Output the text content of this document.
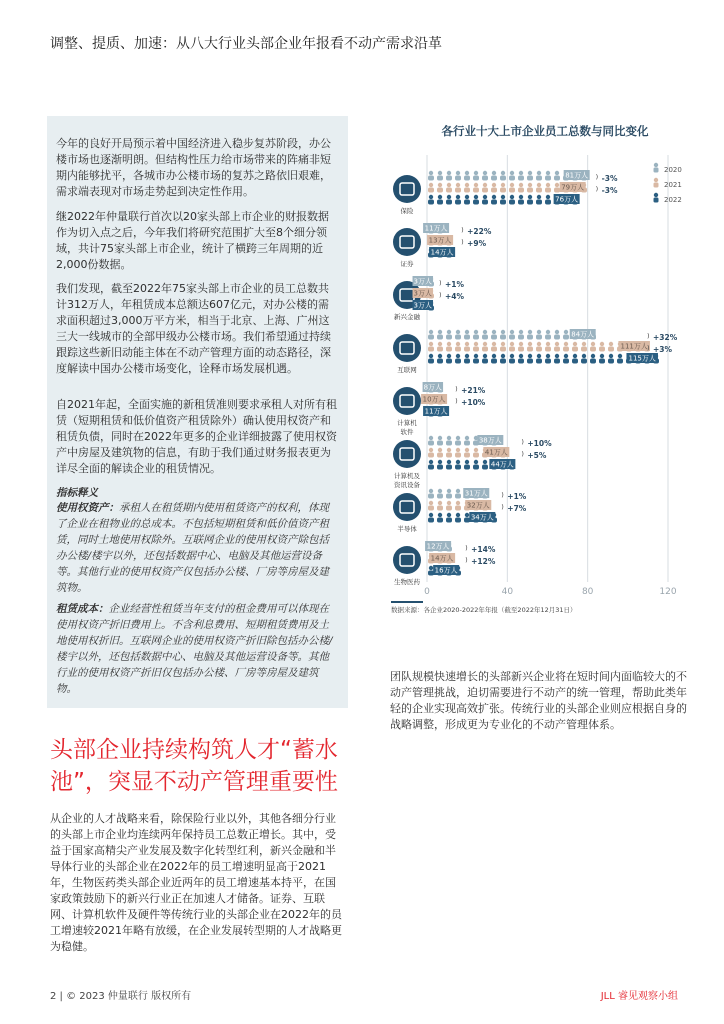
调整、提质、加速：从八大行业头部企业年报看不动产需求沿革

今年的良好开局预示着中国经济进入稳步复苏阶段，办公楼市场也逐渐明朗。但结构性压力给市场带来的阵痛非短期内能够扰平，各城市办公楼市场的复苏之路依旧艰难，需求端表现对市场走势起到决定性作用。

继2022年仲量联行首次以20家头部上市企业的财报数据作为切入点之后，今年我们将研究范围扩大至8个细分领域，共计75家头部上市企业，统计了横跨三年周期的近2,000份数据。

我们发现，截至2022年75家头部上市企业的员工总数共计312万人，年租赁成本总额达607亿元，对办公楼的需求面积超过3,000万平方米，相当于北京、上海、广州这三大一线城市的全部甲级办公楼市场。我们希望通过持续跟踪这些新旧动能主体在不动产管理方面的动态路径，深度解读中国办公楼市场变化，诠释市场发展机遇。

自2021年起，全面实施的新租赁准则要求承租人对所有租赁（短期租赁和低价值资产租赁除外）确认使用权资产和租赁负债，同时在2022年更多的企业详细披露了使用权资产中房屋及建筑物的信息，有助于我们通过财务报表更为详尽全面的解读企业的租赁情况。

指标释义

使用权资产：承租人在租赁期内使用租赁资产的权利，体现了企业在租物业的总成本。不包括短期租赁和低价值资产租赁，同时土地使用权除外。互联网企业的使用权资产除包括办公楼/楼宇以外，还包括数据中心、电脑及其他运营设备等。其他行业的使用权资产仅包括办公楼、厂房等房屋及建筑物。

租赁成本：企业经营性租赁当年支付的租金费用可以体现在使用权资产折旧费用上。不含利息费用、短期租赁费用及土地使用权折旧。互联网企业的使用权资产折旧除包括办公楼/楼宇以外，还包括数据中心、电脑及其他运营设备等。其他行业的使用权资产折旧仅包括办公楼、厂房等房屋及建筑物。

各行业十大上市企业员工总数与同比变化
0	40	80	120
2020
2021
2022
保险
81万人
79万人
76万人
)
)
-3%
-3%
证券
11万人
13万人
14万人
)
)
+22%
+9%
新兴金融
3万人
3万人
3万人
)
)
+1%
+4%
互联网
84万人
111万人
115万人
)
)
+32%
+3%
计算机
软件
8万人
10万人
11万人
)
)
+21%
+10%
计算机及
资讯设备
38万人
41万人
44万人
)
)
+10%
+5%
半导体
31万人
32万人
34万人
)
)
+1%
+7%
生物医药
12万人
14万人
16万人
)
)
+14%
+12%
数据来源：各企业2020-2022年年报（截至2022年12月31日）
头部企业持续构筑人才“蓄水池”，突显不动产管理重要性

从企业的人才战略来看，除保险行业以外，其他各细分行业的头部上市企业均连续两年保持员工总数正增长。其中，受益于国家高精尖产业发展及数字化转型红利，新兴金融和半导体行业的头部企业在2022年的员工增速明显高于2021年，生物医药类头部企业近两年的员工增速基本持平，在国家政策鼓励下的新兴行业正在加速人才储备。证券、互联网、计算机软件及硬件等传统行业的头部企业在2022年的员工增速较2021年略有放缓，在企业发展转型期的人才战略更为稳健。

团队规模快速增长的头部新兴企业将在短时间内面临较大的不动产管理挑战，迫切需要进行不动产的统一管理，帮助此类年轻的企业实现高效扩张。传统行业的头部企业则应根据自身的战略调整，形成更为专业化的不动产管理体系。

2 | © 2023 仲量联行 版权所有	JLL 睿见观察小组
